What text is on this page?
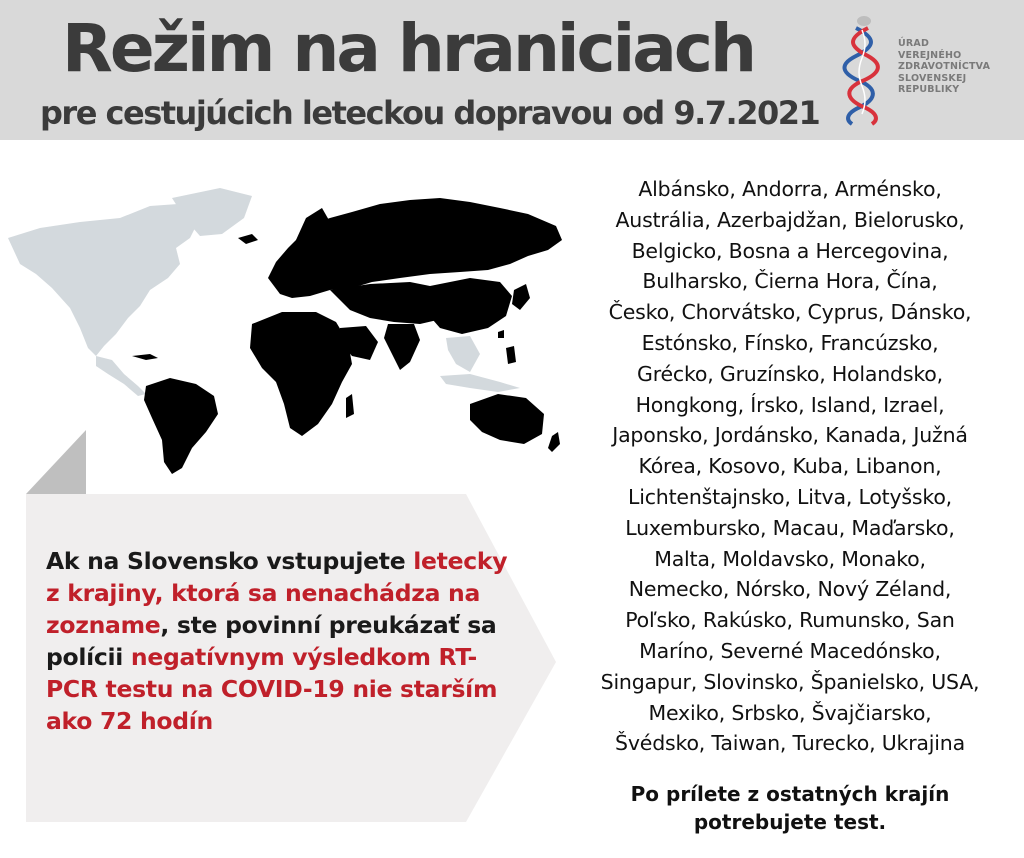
Režim na hraniciach
pre cestujúcich leteckou dopravou od 9.7.2021
ÚRAD
VEREJNÉHO
ZDRAVOTNÍCTVA
SLOVENSKEJ
REPUBLIKY
Ak na Slovensko vstupujete letecky z krajiny, ktorá sa nenachádza na zozname, ste povinní preukázať sa polícii negatívnym výsledkom RT-PCR testu na COVID-19 nie starším ako 72 hodín
Albánsko, Andorra, Arménsko,
Austrália, Azerbajdžan, Bielorusko,
Belgicko, Bosna a Hercegovina,
Bulharsko, Čierna Hora, Čína,
Česko, Chorvátsko, Cyprus, Dánsko,
Estónsko, Fínsko, Francúzsko,
Grécko, Gruzínsko, Holandsko,
Hongkong, Írsko, Island, Izrael,
Japonsko, Jordánsko, Kanada, Južná
Kórea, Kosovo, Kuba, Libanon,
Lichtenštajnsko, Litva, Lotyšsko,
Luxembursko, Macau, Maďarsko,
Malta, Moldavsko, Monako,
Nemecko, Nórsko, Nový Zéland,
Poľsko, Rakúsko, Rumunsko, San
Maríno, Severné Macedónsko,
Singapur, Slovinsko, Španielsko, USA,
Mexiko, Srbsko, Švajčiarsko,
Švédsko, Taiwan, Turecko, Ukrajina
Po prílete z ostatných krajín
potrebujete test.
